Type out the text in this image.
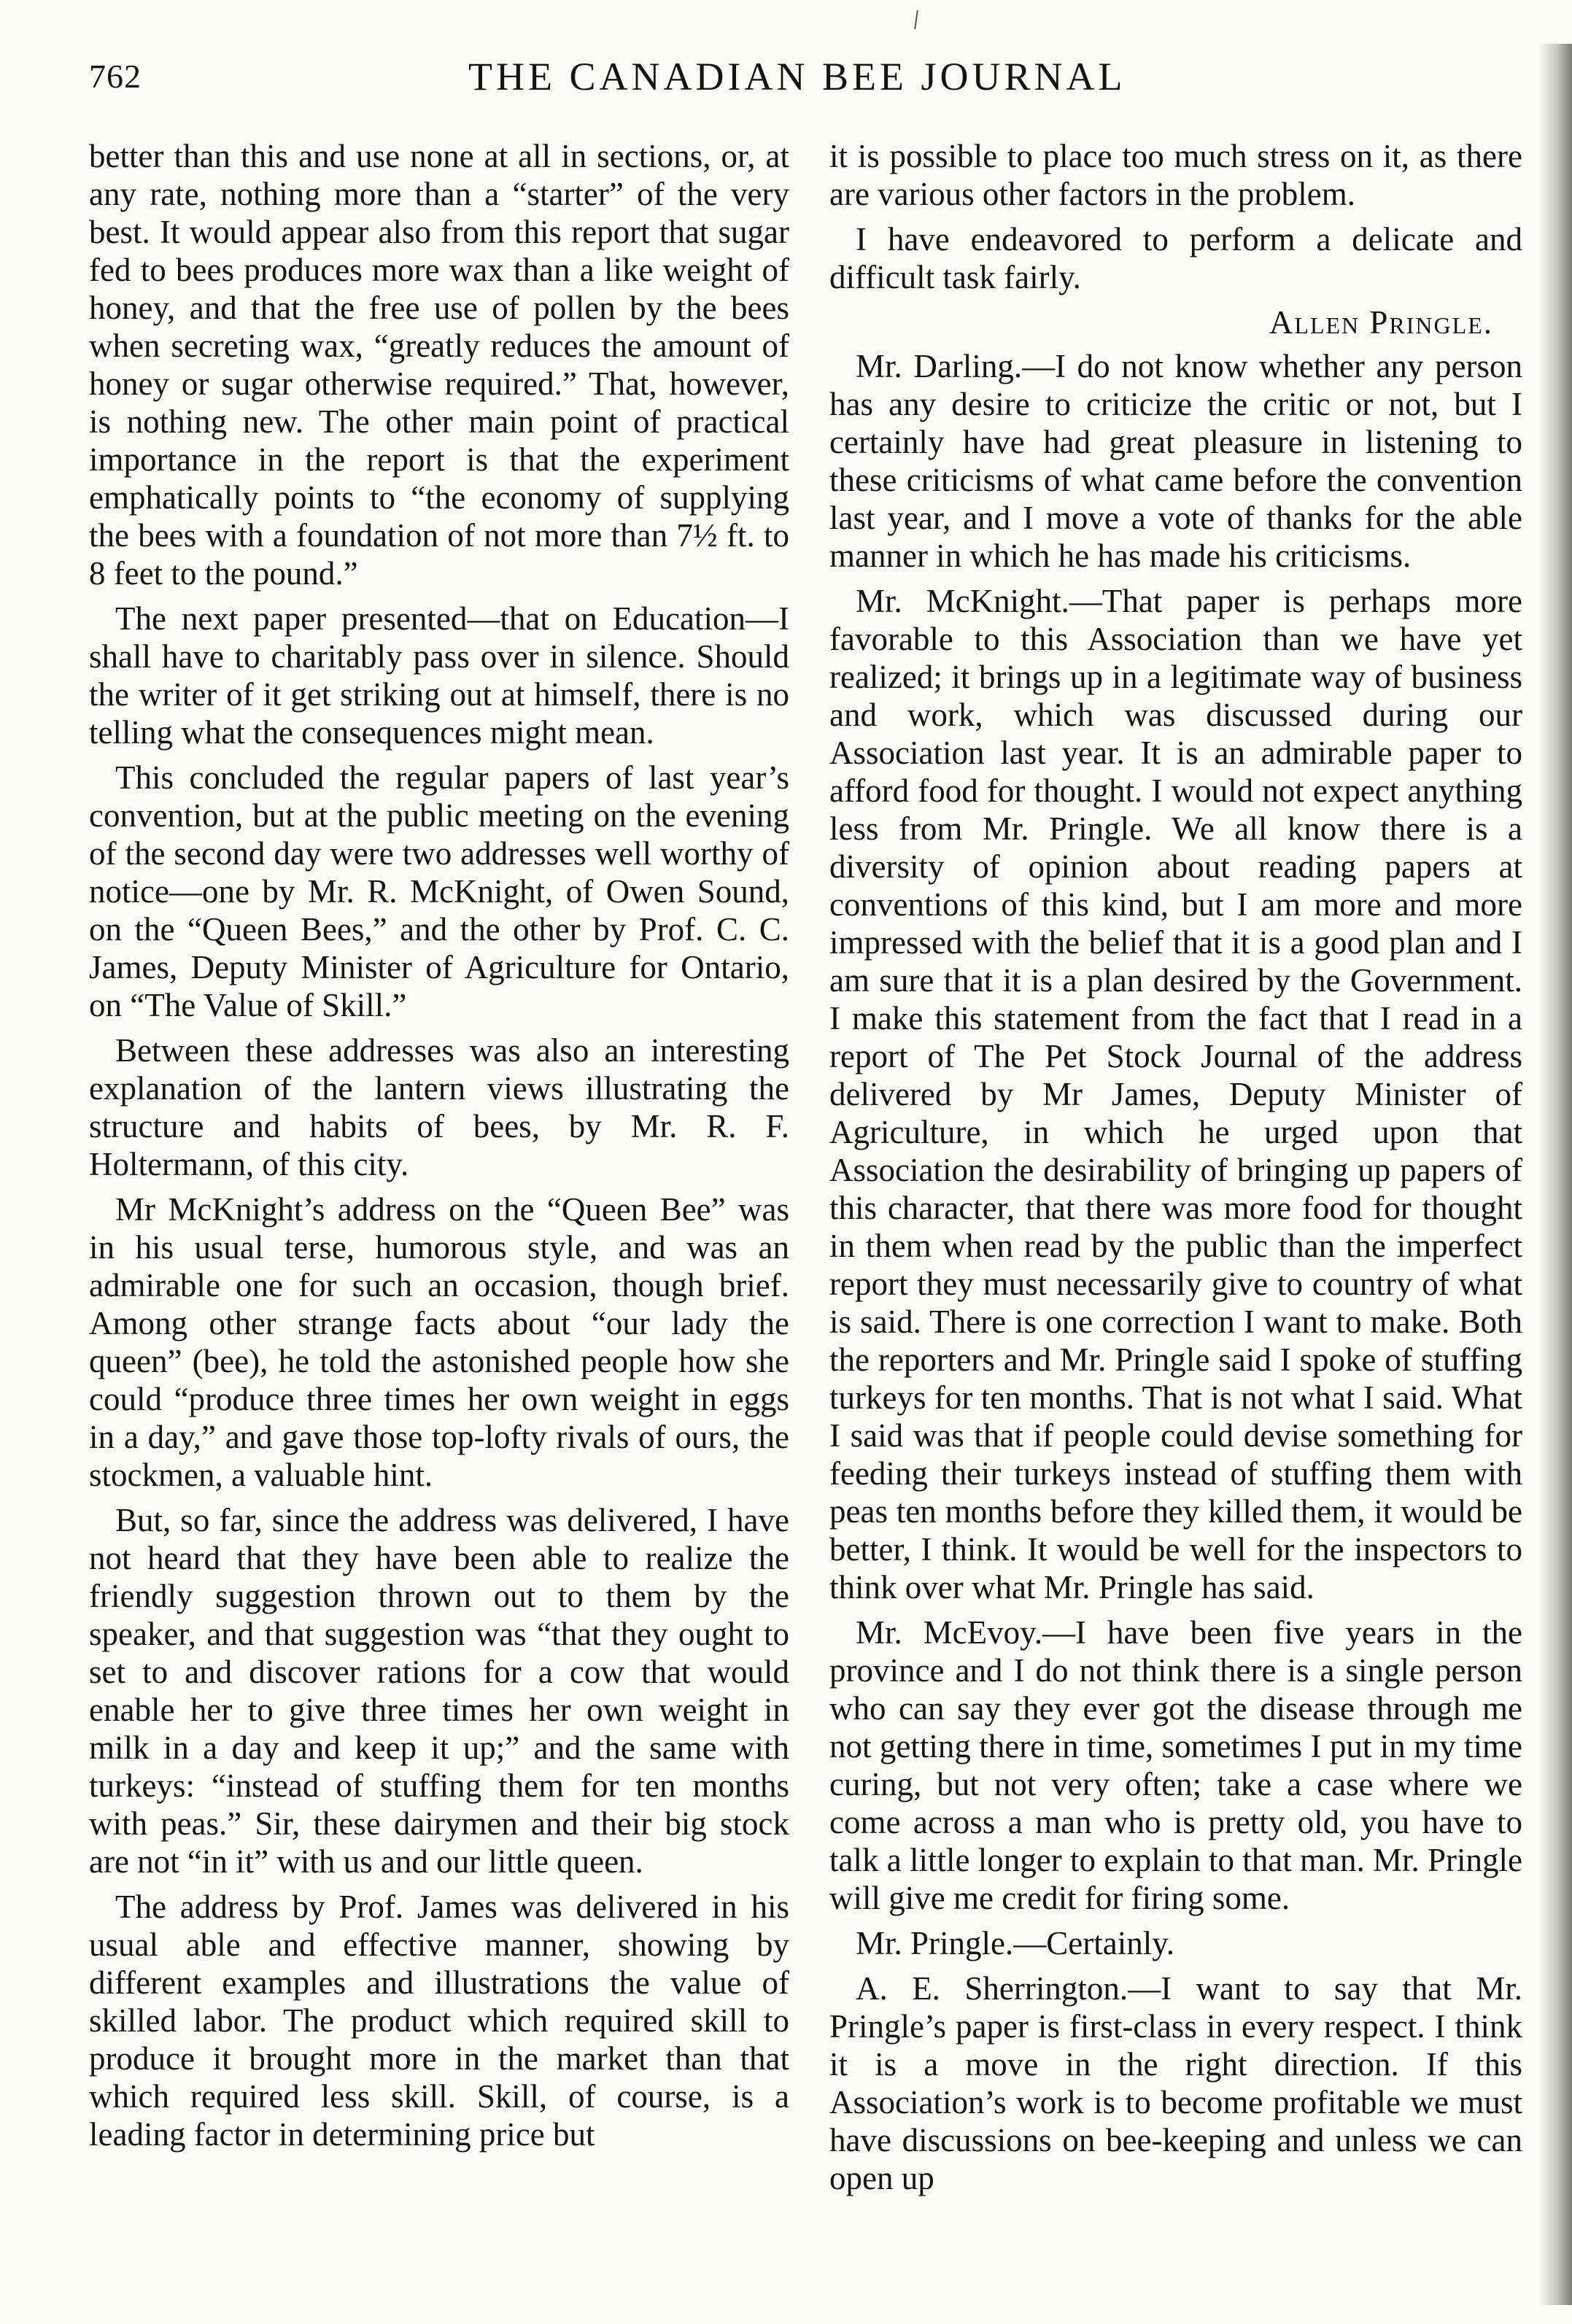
762	THE CANADIAN BEE JOURNAL

better than this and use none at all in sections, or, at any rate, nothing more than a “starter” of the very best. It would appear also from this report that sugar fed to bees produces more wax than a like weight of honey, and that the free use of pollen by the bees when secreting wax, “greatly reduces the amount of honey or sugar otherwise required.” That, however, is nothing new. The other main point of practical importance in the report is that the experiment emphatically points to “the economy of supplying the bees with a foundation of not more than 7½ ft. to 8 feet to the pound.”

The next paper presented—that on Education—I shall have to charitably pass over in silence. Should the writer of it get striking out at himself, there is no telling what the consequences might mean.

This concluded the regular papers of last year’s convention, but at the public meeting on the evening of the second day were two addresses well worthy of notice—one by Mr. R. McKnight, of Owen Sound, on the “Queen Bees,” and the other by Prof. C. C. James, Deputy Minister of Agriculture for Ontario, on “The Value of Skill.”

Between these addresses was also an interesting explanation of the lantern views illustrating the structure and habits of bees, by Mr. R. F. Holtermann, of this city.

Mr McKnight’s address on the “Queen Bee” was in his usual terse, humorous style, and was an admirable one for such an occasion, though brief. Among other strange facts about “our lady the queen” (bee), he told the astonished people how she could “produce three times her own weight in eggs in a day,” and gave those top-lofty rivals of ours, the stockmen, a valuable hint.

But, so far, since the address was delivered, I have not heard that they have been able to realize the friendly suggestion thrown out to them by the speaker, and that suggestion was “that they ought to set to and discover rations for a cow that would enable her to give three times her own weight in milk in a day and keep it up;” and the same with turkeys: “instead of stuffing them for ten months with peas.” Sir, these dairymen and their big stock are not “in it” with us and our little queen.

The address by Prof. James was delivered in his usual able and effective manner, showing by different examples and illustrations the value of skilled labor. The product which required skill to produce it brought more in the market than that which required less skill. Skill, of course, is a leading factor in determining price but

it is possible to place too much stress on it, as there are various other factors in the problem.

I have endeavored to perform a delicate and difficult task fairly.

Allen Pringle.

Mr. Darling.—I do not know whether any person has any desire to criticize the critic or not, but I certainly have had great pleasure in listening to these criticisms of what came before the convention last year, and I move a vote of thanks for the able manner in which he has made his criticisms.

Mr. McKnight.—That paper is perhaps more favorable to this Association than we have yet realized; it brings up in a legitimate way of business and work, which was discussed during our Association last year. It is an admirable paper to afford food for thought. I would not expect anything less from Mr. Pringle. We all know there is a diversity of opinion about reading papers at conventions of this kind, but I am more and more impressed with the belief that it is a good plan and I am sure that it is a plan desired by the Government. I make this statement from the fact that I read in a report of The Pet Stock Journal of the address delivered by Mr James, Deputy Minister of Agriculture, in which he urged upon that Association the desirability of bringing up papers of this character, that there was more food for thought in them when read by the public than the imperfect report they must necessarily give to country of what is said. There is one correction I want to make. Both the reporters and Mr. Pringle said I spoke of stuffing turkeys for ten months. That is not what I said. What I said was that if people could devise something for feeding their turkeys instead of stuffing them with peas ten months before they killed them, it would be better, I think. It would be well for the inspectors to think over what Mr. Pringle has said.

Mr. McEvoy.—I have been five years in the province and I do not think there is a single person who can say they ever got the disease through me not getting there in time, sometimes I put in my time curing, but not very often; take a case where we come across a man who is pretty old, you have to talk a little longer to explain to that man. Mr. Pringle will give me credit for firing some.

Mr. Pringle.—Certainly.

A. E. Sherrington.—I want to say that Mr. Pringle’s paper is first-class in every respect. I think it is a move in the right direction. If this Association’s work is to become profitable we must have discussions on bee-keeping and unless we can open up
